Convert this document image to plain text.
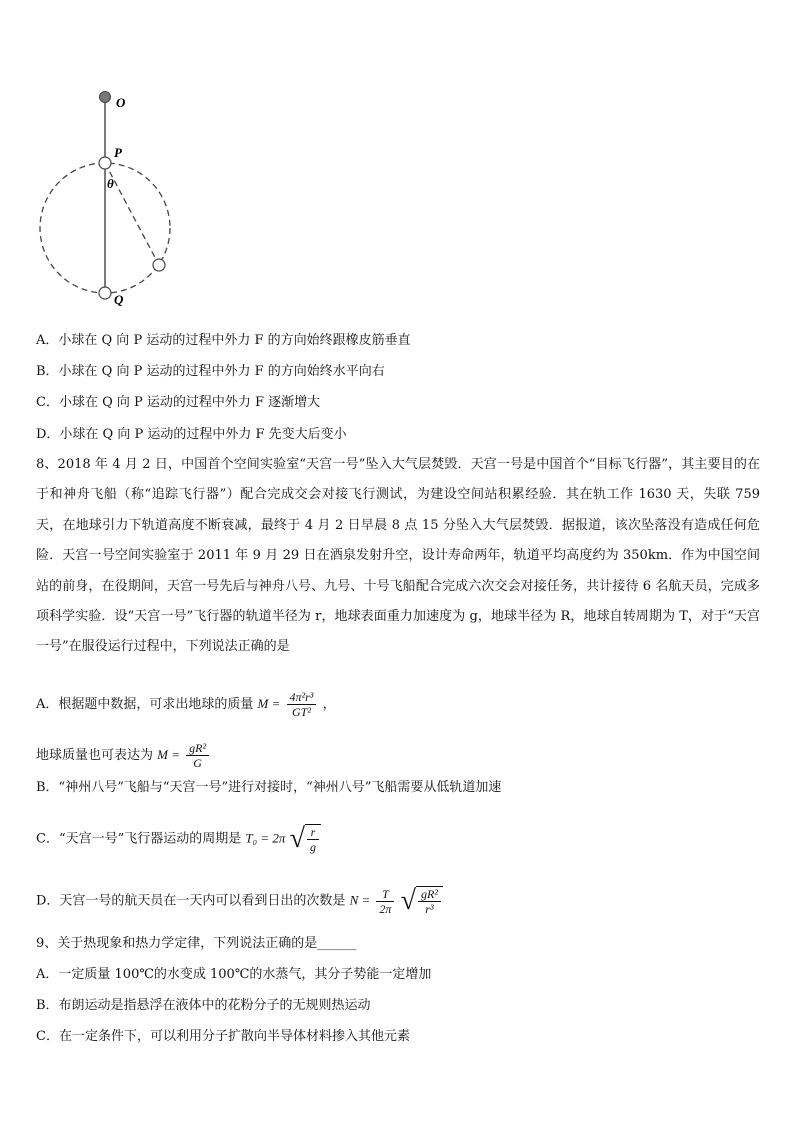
O
P
θ
Q
A．小球在 Q 向 P 运动的过程中外力 F 的方向始终跟橡皮筋垂直
B．小球在 Q 向 P 运动的过程中外力 F 的方向始终水平向右
C．小球在 Q 向 P 运动的过程中外力 F 逐渐增大
D．小球在 Q 向 P 运动的过程中外力 F 先变大后变小
8、2018 年 4 月 2 日，中国首个空间实验室“天宫一号”坠入大气层焚毁．天宫一号是中国首个“目标飞行器”，其主要目的在于和神舟飞船（称“追踪飞行器”）配合完成交会对接飞行测试，为建设空间站积累经验．其在轨工作 1630 天，失联 759 天，在地球引力下轨道高度不断衰减，最终于 4 月 2 日早晨 8 点 15 分坠入大气层焚毁．据报道，该次坠落没有造成任何危险．天宫一号空间实验室于 2011 年 9 月 29 日在酒泉发射升空，设计寿命两年，轨道平均高度约为 350km．作为中国空间站的前身，在役期间，天宫一号先后与神舟八号、九号、十号飞船配合完成六次交会对接任务，共计接待 6 名航天员，完成多项科学实验．设“天宫一号”飞行器的轨道半径为 r，地球表面重力加速度为 g，地球半径为 R，地球自转周期为 T，对于“天宫一号”在服役运行过程中，下列说法正确的是
A．根据题中数据，可求出地球的质量 $M = \frac{\text{4π²r³}}{\text{GT²}}$ ，
地球质量也可表达为 $M = \frac{\text{gR²}}{G}$
B．“神州八号”飞船与“天宫一号”进行对接时，“神州八号”飞船需要从低轨道加速
C．“天宫一号”飞行器运动的周期是 T₀ = 2π √ $\frac{r}{g}$
D．天宫一号的航天员在一天内可以看到日出的次数是 $N = \frac{T}{2\pi}$ √ $\frac{\text{gR²}}{\text{r³}}$
9、关于热现象和热力学定律，下列说法正确的是______
A．一定质量 100℃的水变成 100℃的水蒸气，其分子势能一定增加
B．布朗运动是指悬浮在液体中的花粉分子的无规则热运动
C．在一定条件下，可以利用分子扩散向半导体材料掺入其他元素
